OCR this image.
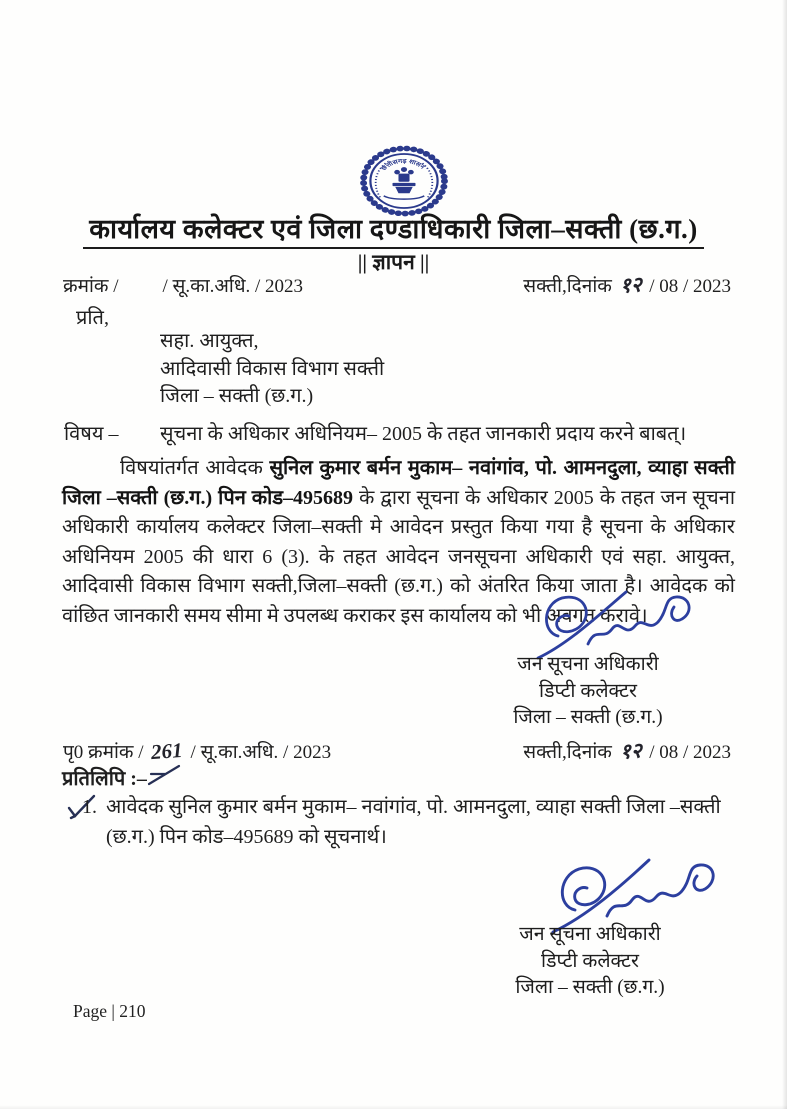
छत्तीसगढ़ शासन
कार्यालय कलेक्टर एवं जिला दण्डाधिकारी जिला–सक्ती (छ.ग.)
|| ज्ञापन ||
क्रमांक / / सू.का.अधि. / 2023	सक्ती,दिनांक १२ / 08 / 2023
प्रति,
सहा. आयुक्त,
आदिवासी विकास विभाग सक्ती
जिला – सक्ती (छ.ग.)
विषय –	सूचना के अधिकार अधिनियम– 2005 के तहत जानकारी प्रदाय करने बाबत्।
विषयांतर्गत आवेदक सुनिल कुमार बर्मन मुकाम– नवांगांव, पो. आमनदुला, व्याहा सक्ती जिला –सक्ती (छ.ग.) पिन कोड–495689 के द्वारा सूचना के अधिकार 2005 के तहत जन सूचना अधिकारी कार्यालय कलेक्टर जिला–सक्ती मे आवेदन प्रस्तुत किया गया है सूचना के अधिकार अधिनियम 2005 की धारा 6 (3). के तहत आवेदन जनसूचना अधिकारी एवं सहा. आयुक्त, आदिवासी विकास विभाग सक्ती,जिला–सक्ती (छ.ग.) को अंतरित किया जाता है। आवेदक को वांछित जानकारी समय सीमा मे उपलब्ध कराकर इस कार्यालय को भी अवगत करावे।
जन सूचना अधिकारी
डिप्टी कलेक्टर
जिला – सक्ती (छ.ग.)
पृ0 क्रमांक / 261 / सू.का.अधि. / 2023	सक्ती,दिनांक १२ / 08 / 2023
प्रतिलिपि :–
1. आवेदक सुनिल कुमार बर्मन मुकाम– नवांगांव, पो. आमनदुला, व्याहा सक्ती जिला –सक्ती (छ.ग.) पिन कोड–495689 को सूचनार्थ।
जन सूचना अधिकारी
डिप्टी कलेक्टर
जिला – सक्ती (छ.ग.)
Page | 210
